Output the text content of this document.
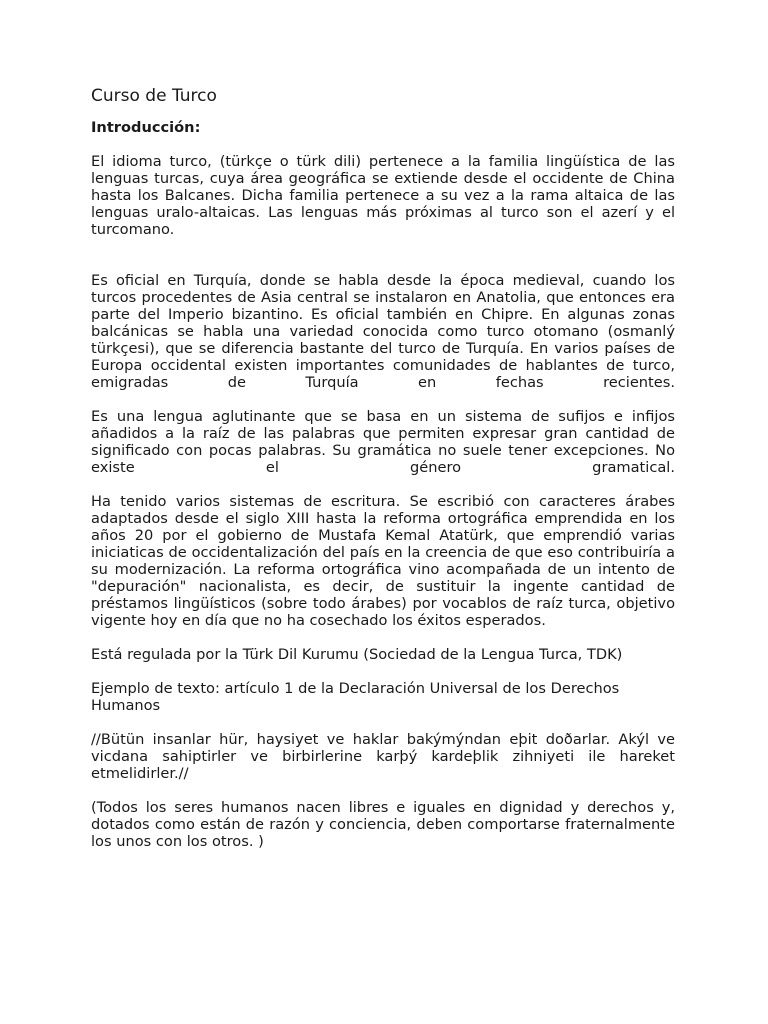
Curso de Turco
Introducción:

El idioma turco, (türkçe o türk dili) pertenece a la familia lingüística de las lenguas turcas, cuya área geográfica se extiende desde el occidente de China hasta los Balcanes. Dicha familia pertenece a su vez a la rama altaica de las lenguas uralo-altaicas. Las lenguas más próximas al turco son el azerí y el turcomano.

Es oficial en Turquía, donde se habla desde la época medieval, cuando los turcos procedentes de Asia central se instalaron en Anatolia, que entonces era parte del Imperio bizantino. Es oficial también en Chipre. En algunas zonas balcánicas se habla una variedad conocida como turco otomano (osmanlý türkçesi), que se diferencia bastante del turco de Turquía. En varios países de Europa occidental existen importantes comunidades de hablantes de turco, emigradas de Turquía en fechas recientes.

Es una lengua aglutinante que se basa en un sistema de sufijos e infijos añadidos a la raíz de las palabras que permiten expresar gran cantidad de significado con pocas palabras. Su gramática no suele tener excepciones. No existe el género gramatical.

Ha tenido varios sistemas de escritura. Se escribió con caracteres árabes adaptados desde el siglo XIII hasta la reforma ortográfica emprendida en los años 20 por el gobierno de Mustafa Kemal Atatürk, que emprendió varias iniciaticas de occidentalización del país en la creencia de que eso contribuiría a su modernización. La reforma ortográfica vino acompañada de un intento de "depuración" nacionalista, es decir, de sustituir la ingente cantidad de préstamos lingüísticos (sobre todo árabes) por vocablos de raíz turca, objetivo vigente hoy en día que no ha cosechado los éxitos esperados.

Está regulada por la Türk Dil Kurumu (Sociedad de la Lengua Turca, TDK)

Ejemplo de texto: artículo 1 de la Declaración Universal de los Derechos Humanos

//Bütün insanlar hür, haysiyet ve haklar bakýmýndan eþit doðarlar. Akýl ve vicdana sahiptirler ve birbirlerine karþý kardeþlik zihniyeti ile hareket etmelidirler.//

(Todos los seres humanos nacen libres e iguales en dignidad y derechos y, dotados como están de razón y conciencia, deben comportarse fraternalmente los unos con los otros. )
